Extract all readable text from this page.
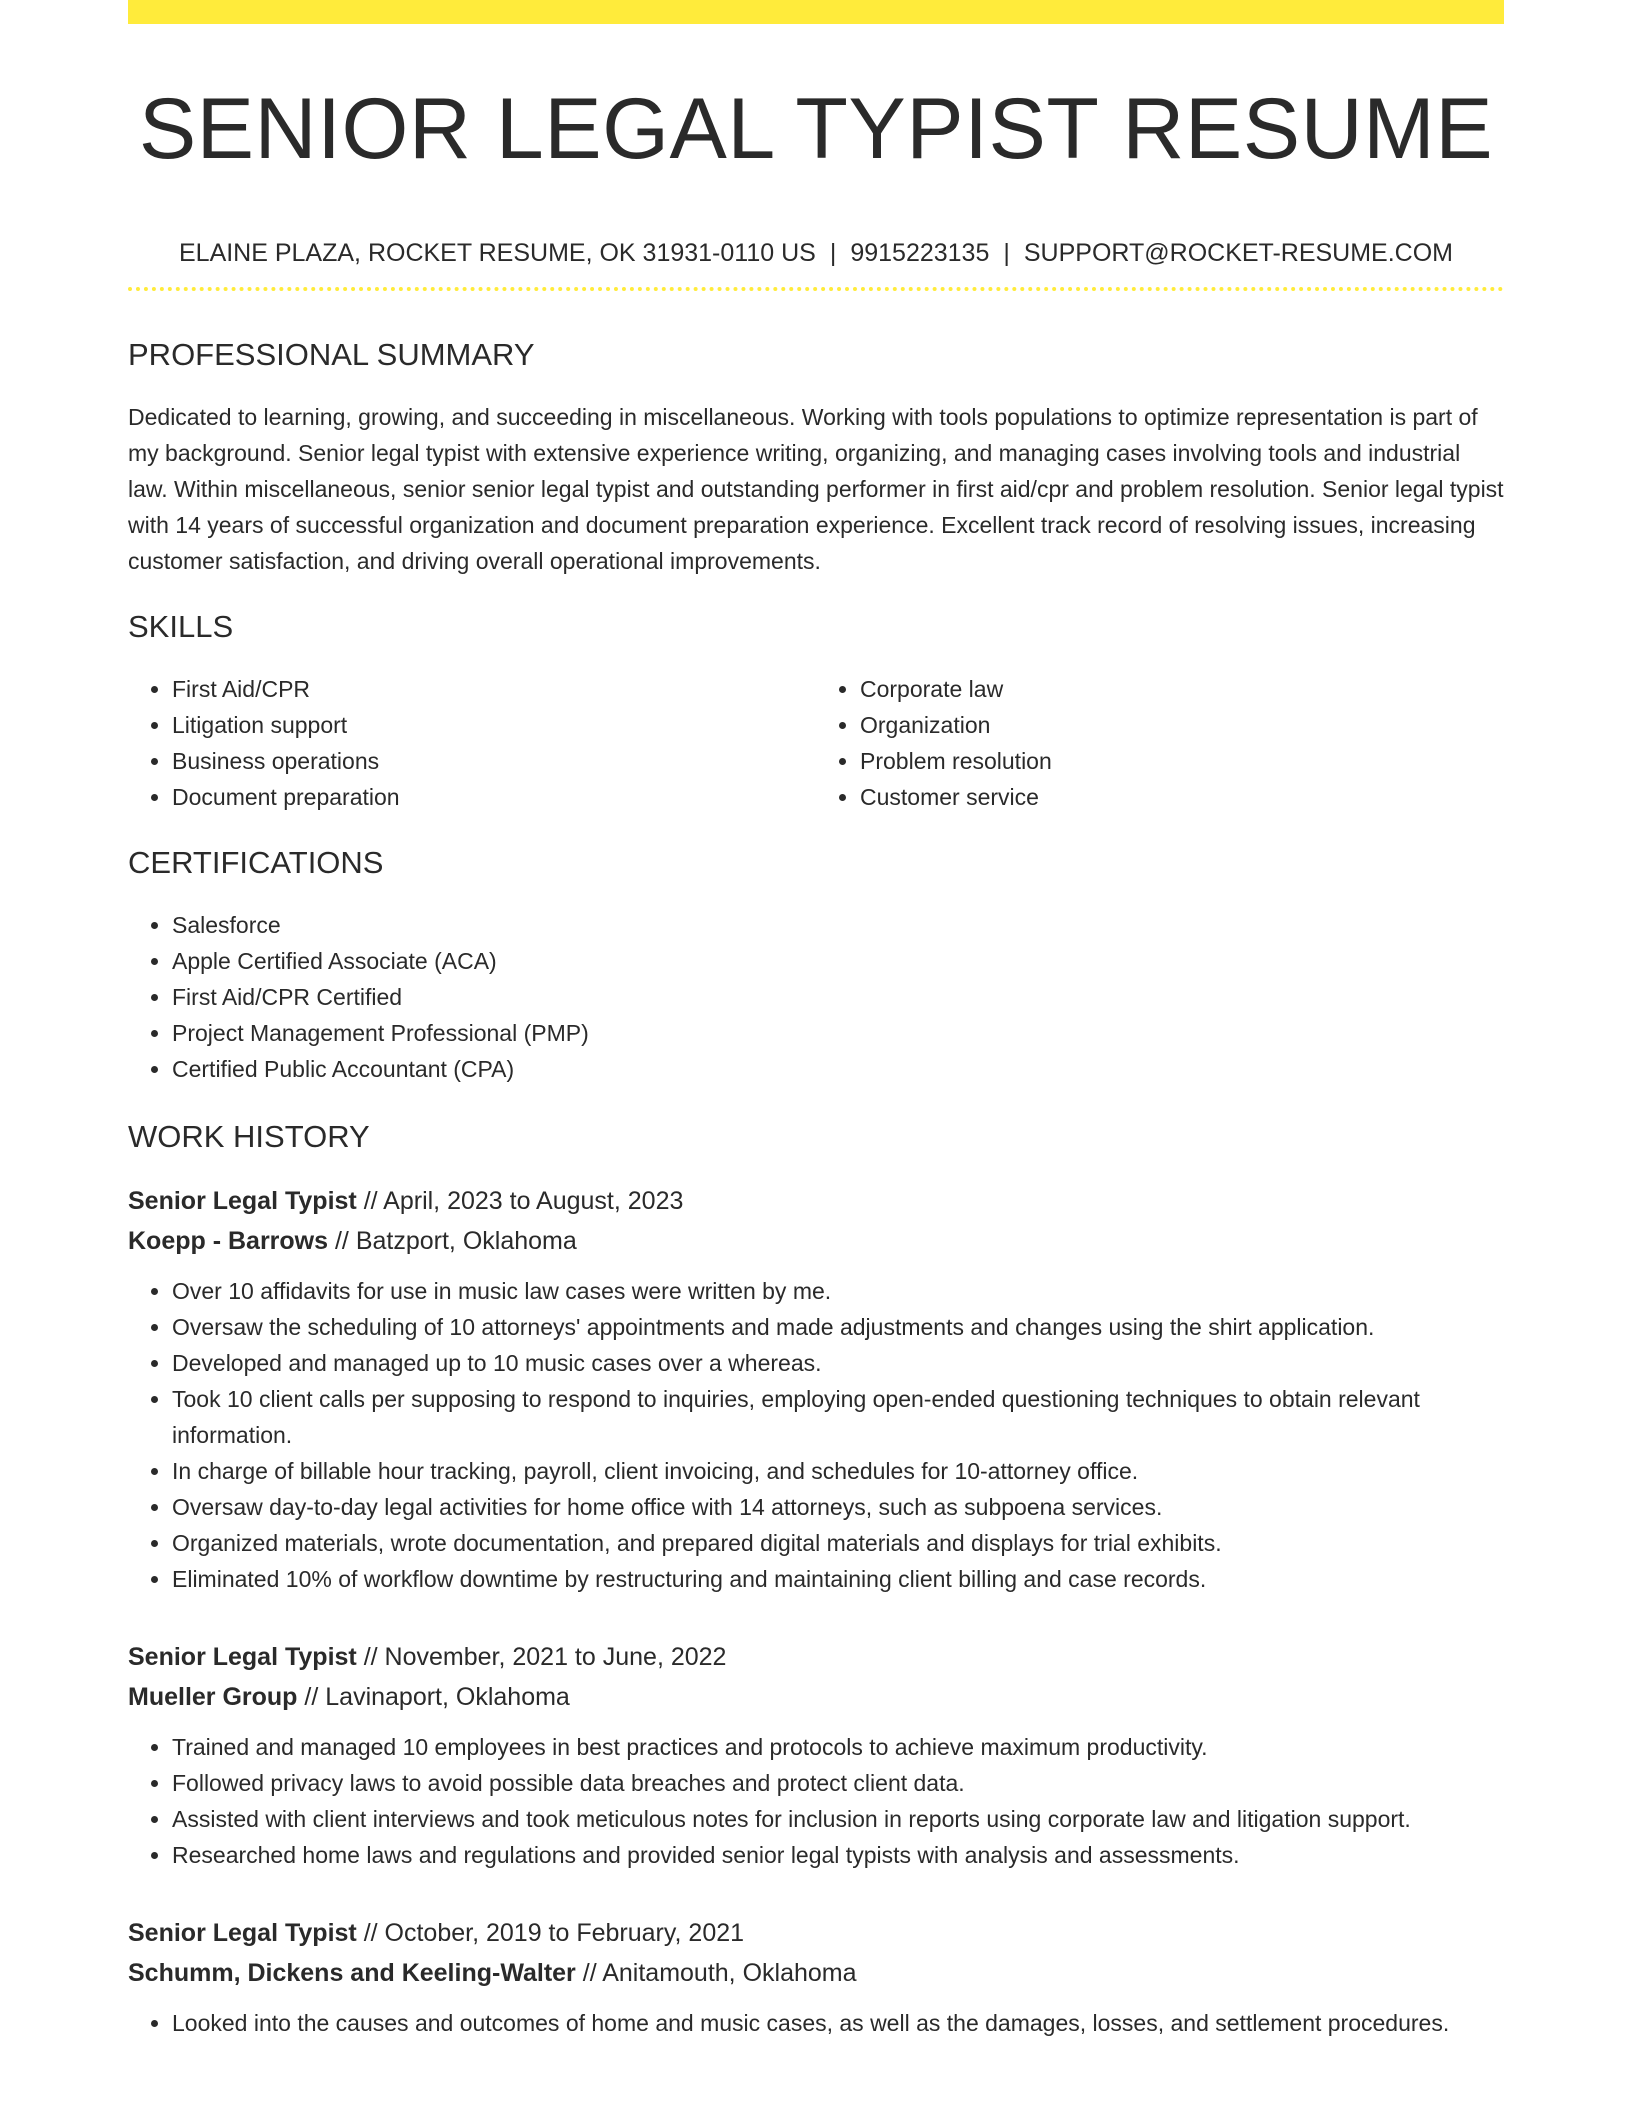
SENIOR LEGAL TYPIST RESUME
ELAINE PLAZA, ROCKET RESUME, OK 31931-0110 US | 9915223135 | SUPPORT@ROCKET-RESUME.COM
PROFESSIONAL SUMMARY

Dedicated to learning, growing, and succeeding in miscellaneous. Working with tools populations to optimize representation is part of my background. Senior legal typist with extensive experience writing, organizing, and managing cases involving tools and industrial law. Within miscellaneous, senior senior legal typist and outstanding performer in first aid/cpr and problem resolution. Senior legal typist with 14 years of successful organization and document preparation experience. Excellent track record of resolving issues, increasing customer satisfaction, and driving overall operational improvements.

SKILLS
• First Aid/CPR
• Litigation support
• Business operations
• Document preparation
• Corporate law
• Organization
• Problem resolution
• Customer service
CERTIFICATIONS
• Salesforce
• Apple Certified Associate (ACA)
• First Aid/CPR Certified
• Project Management Professional (PMP)
• Certified Public Accountant (CPA)
WORK HISTORY
Senior Legal Typist // April, 2023 to August, 2023
Koepp - Barrows // Batzport, Oklahoma
• Over 10 affidavits for use in music law cases were written by me.
• Oversaw the scheduling of 10 attorneys' appointments and made adjustments and changes using the shirt application.
• Developed and managed up to 10 music cases over a whereas.
• Took 10 client calls per supposing to respond to inquiries, employing open-ended questioning techniques to obtain relevant information.
• In charge of billable hour tracking, payroll, client invoicing, and schedules for 10-attorney office.
• Oversaw day-to-day legal activities for home office with 14 attorneys, such as subpoena services.
• Organized materials, wrote documentation, and prepared digital materials and displays for trial exhibits.
• Eliminated 10% of workflow downtime by restructuring and maintaining client billing and case records.
Senior Legal Typist // November, 2021 to June, 2022
Mueller Group // Lavinaport, Oklahoma
• Trained and managed 10 employees in best practices and protocols to achieve maximum productivity.
• Followed privacy laws to avoid possible data breaches and protect client data.
• Assisted with client interviews and took meticulous notes for inclusion in reports using corporate law and litigation support.
• Researched home laws and regulations and provided senior legal typists with analysis and assessments.
Senior Legal Typist // October, 2019 to February, 2021
Schumm, Dickens and Keeling-Walter // Anitamouth, Oklahoma
• Looked into the causes and outcomes of home and music cases, as well as the damages, losses, and settlement procedures.
